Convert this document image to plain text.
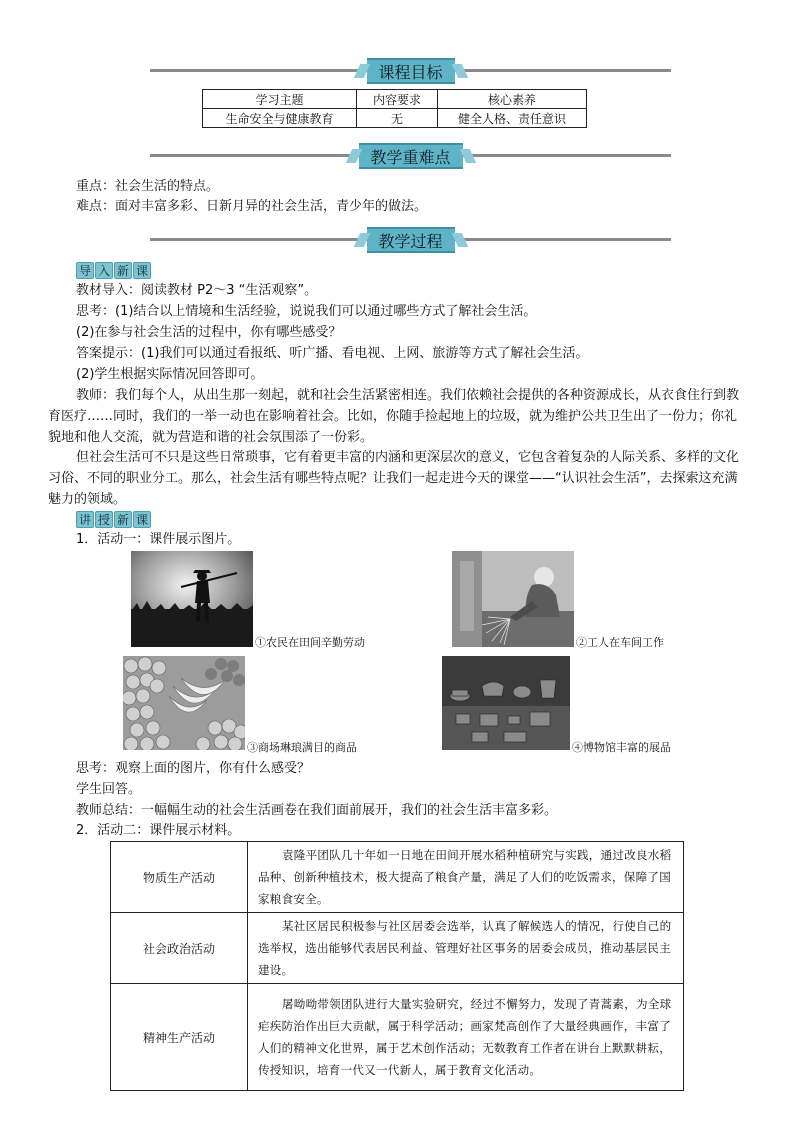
课程目标
学习主题	内容要求	核心素养
生命安全与健康教育	无	健全人格、责任意识
教学重难点
重点：社会生活的特点。
难点：面对丰富多彩、日新月异的社会生活，青少年的做法。
教学过程
导 入 新 课
教材导入：阅读教材 P2～3 “生活观察”。
思考：(1)结合以上情境和生活经验，说说我们可以通过哪些方式了解社会生活。
(2)在参与社会生活的过程中，你有哪些感受？
答案提示：(1)我们可以通过看报纸、听广播、看电视、上网、旅游等方式了解社会生活。
(2)学生根据实际情况回答即可。
教师：我们每个人，从出生那一刻起，就和社会生活紧密相连。我们依赖社会提供的各种资源成长，从衣食住行到教育医疗……同时，我们的一举一动也在影响着社会。比如，你随手捡起地上的垃圾，就为维护公共卫生出了一份力；你礼貌地和他人交流，就为营造和谐的社会氛围添了一份彩。
但社会生活可不只是这些日常琐事，它有着更丰富的内涵和更深层次的意义，它包含着复杂的人际关系、多样的文化习俗、不同的职业分工。那么，社会生活有哪些特点呢？让我们一起走进今天的课堂——“认识社会生活”，去探索这充满魅力的领域。
讲 授 新 课
1．活动一：课件展示图片。
①农民在田间辛勤劳动	②工人在车间工作
③商场琳琅满目的商品	④博物馆丰富的展品
思考：观察上面的图片，你有什么感受？
学生回答。
教师总结：一幅幅生动的社会生活画卷在我们面前展开，我们的社会生活丰富多彩。
2．活动二：课件展示材料。
物质生产活动	袁隆平团队几十年如一日地在田间开展水稻种植研究与实践，通过改良水稻品种、创新种植技术，极大提高了粮食产量，满足了人们的吃饭需求，保障了国家粮食安全。
社会政治活动	某社区居民积极参与社区居委会选举，认真了解候选人的情况，行使自己的选举权，选出能够代表居民利益、管理好社区事务的居委会成员，推动基层民主建设。
精神生产活动	屠呦呦带领团队进行大量实验研究，经过不懈努力，发现了青蒿素，为全球疟疾防治作出巨大贡献，属于科学活动；画家梵高创作了大量经典画作，丰富了人们的精神文化世界，属于艺术创作活动；无数教育工作者在讲台上默默耕耘，传授知识，培育一代又一代新人，属于教育文化活动。
